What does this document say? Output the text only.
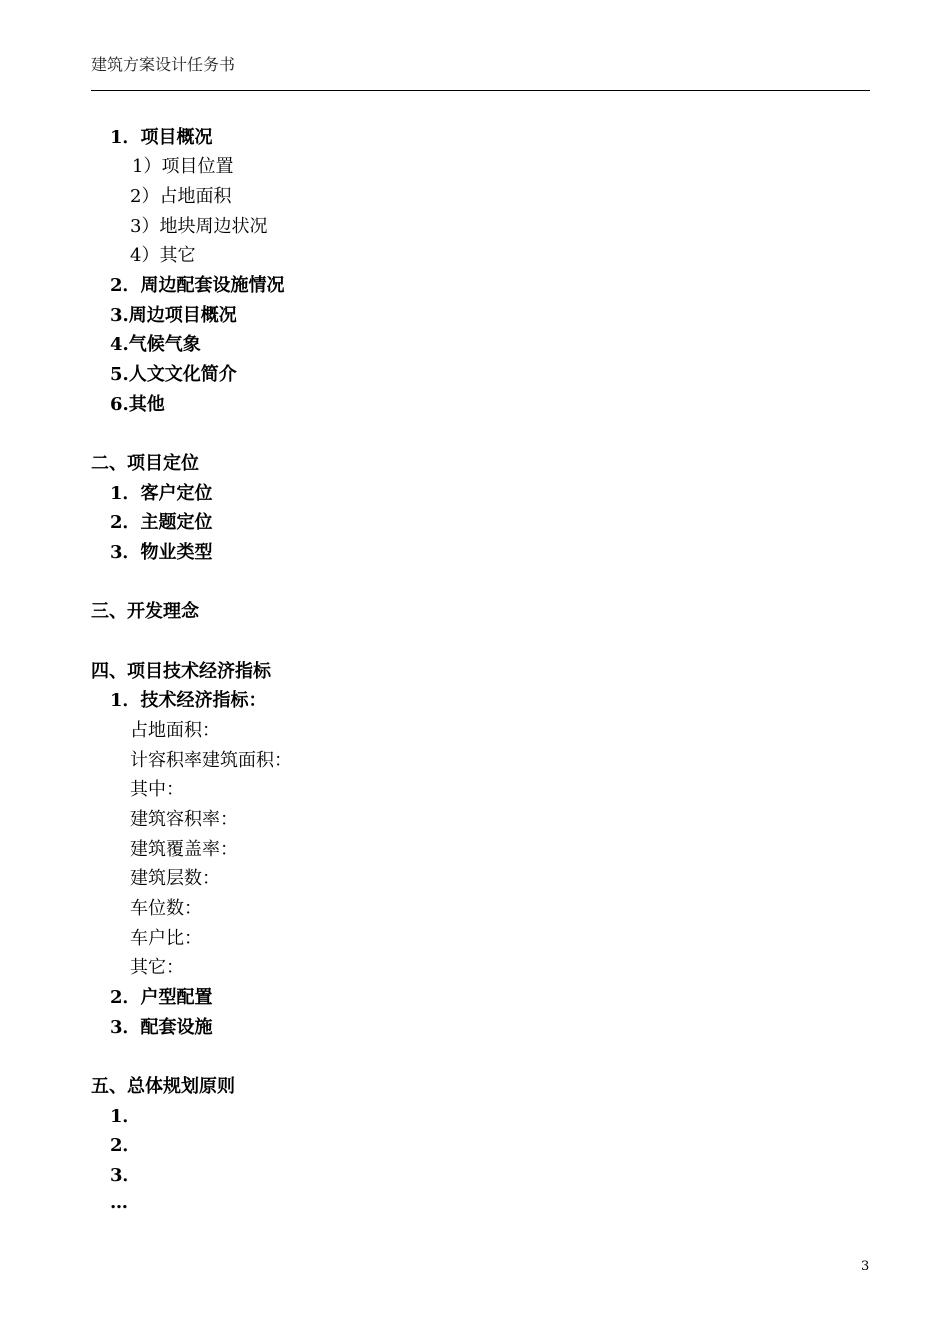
建筑方案设计任务书
1．项目概况
1）项目位置
2）占地面积
3）地块周边状况
4）其它
2．周边配套设施情况
3.周边项目概况
4.气候气象
5.人文文化简介
6.其他
二、项目定位
1．客户定位
2．主题定位
3．物业类型
三、开发理念
四、项目技术经济指标
1．技术经济指标：
占地面积：
计容积率建筑面积：
其中：
建筑容积率：
建筑覆盖率：
建筑层数：
车位数：
车户比：
其它：
2．户型配置
3．配套设施
五、总体规划原则
1．
2．
3．
…
3
